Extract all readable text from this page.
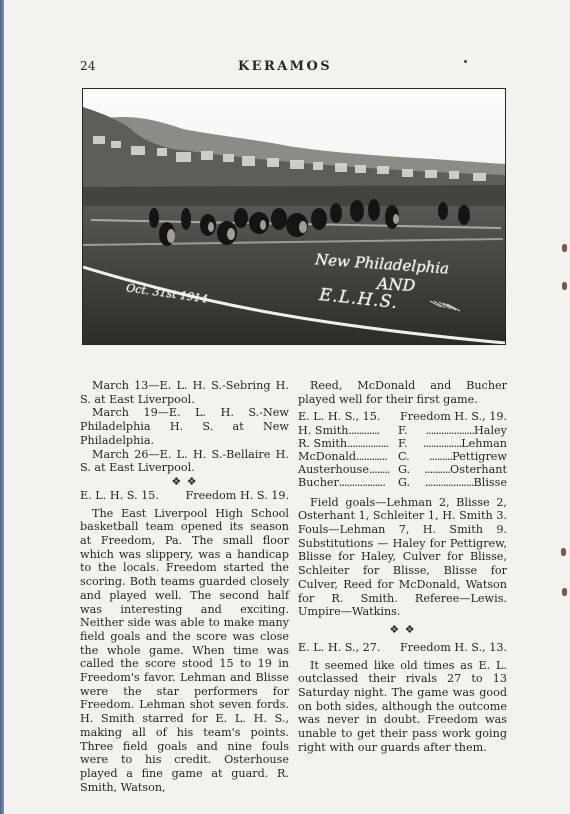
24	KERAMOS
New Philadelphia
AND
E.L.H.S.
Oct. 31st 1914

March 13—E. L. H. S.-Sebring H. S. at East Liverpool.

March 19—E. L. H. S.-New Philadelphia H. S. at New Philadelphia.

March 26—E. L. H. S.-Bellaire H. S. at East Liverpool.

❖ ❖

E. L. H. S. 15. Freedom H. S. 19.

The East Liverpool High School basketball team opened its season at Freedom, Pa. The small floor which was slippery, was a handicap to the locals. Freedom started the scoring. Both teams guarded closely and played well. The second half was interesting and exciting. Neither side was able to make many field goals and the score was close the whole game. When time was called the score stood 15 to 19 in Freedom's favor. Lehman and Blisse were the star performers for Freedom. Lehman shot seven fords. H. Smith starred for E. L. H. S., making all of his team's points. Three field goals and nine fouls were to his credit. Osterhouse played a fine game at guard. R. Smith, Watson,

Reed, McDonald and Bucher played well for their first game.

E. L. H. S., 15. Freedom H. S., 19.

H. Smith............	F.	...................Haley
R. Smith................ F.	...............Lehman
McDonald............	C.	.........Pettigrew
Austerhouse........ G.	..........Osterhant
Bucher..................	G.	...................Blisse

Field goals—Lehman 2, Blisse 2, Osterhant 1, Schleiter 1, H. Smith 3. Fouls—Lehman 7, H. Smith 9. Substitutions — Haley for Pettigrew, Blisse for Haley, Culver for Blisse, Schleiter for Blisse, Blisse for Culver, Reed for McDonald, Watson for R. Smith. Referee—Lewis. Umpire—Watkins.

❖ ❖

E. L. H. S., 27. Freedom H. S., 13.

It seemed like old times as E. L. outclassed their rivals 27 to 13 Saturday night. The game was good on both sides, although the outcome was never in doubt. Freedom was unable to get their pass work going right with our guards after them.
